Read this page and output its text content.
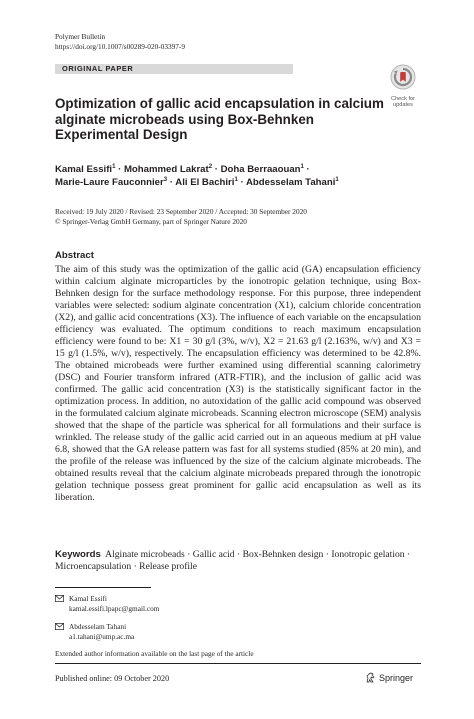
Polymer Bulletin
https://doi.org/10.1007/s00289-020-03397-9
ORIGINAL PAPER
Check for
updates
Optimization of gallic acid encapsulation in calcium alginate microbeads using Box-Behnken Experimental Design
Kamal Essifi$^1$ · Mohammed Lakrat$^2$ · Doha Berraaouan$^1$ ·
Marie-Laure Fauconnier$^3$ · Ali El Bachiri$^1$ · Abdesselam Tahani$^1$
Received: 19 July 2020 / Revised: 23 September 2020 / Accepted: 30 September 2020
© Springer-Verlag GmbH Germany, part of Springer Nature 2020
Abstract

The aim of this study was the optimization of the gallic acid (GA) encapsulation efficiency within calcium alginate microparticles by the ionotropic gelation technique, using Box-Behnken design for the surface methodology response. For this purpose, three independent variables were selected: sodium alginate concentration (X1), calcium chloride concentration (X2), and gallic acid concentrations (X3). The influence of each variable on the encapsulation efficiency was evaluated. The optimum conditions to reach maximum encapsulation efficiency were found to be: X1 = 30 g/l (3%, w/v), X2 = 21.63 g/l (2.163%, w/v) and X3 = 15 g/l (1.5%, w/v), respectively. The encapsulation efficiency was determined to be 42.8%. The obtained microbeads were further examined using differential scanning calorimetry (DSC) and Fourier transform infrared (ATR-FTIR), and the inclusion of gallic acid was confirmed. The gallic acid concentration (X3) is the statistically significant factor in the optimization process. In addition, no autoxidation of the gallic acid compound was observed in the formulated calcium alginate microbeads. Scanning electron microscope (SEM) analysis showed that the shape of the particle was spherical for all formulations and their surface is wrinkled. The release study of the gallic acid carried out in an aqueous medium at pH value 6.8, showed that the GA release pattern was fast for all systems studied (85% at 20 min), and the profile of the release was influenced by the size of the calcium alginate microbeads. The obtained results reveal that the calcium alginate microbeads prepared through the ionotropic gelation technique possess great prominent for gallic acid encapsulation as well as its liberation.

Keywords Alginate microbeads · Gallic acid · Box-Behnken design · Ionotropic gelation · Microencapsulation · Release profile
Kamal Essifi
kamal.essifi.lpapc@gmail.com
Abdesselam Tahani
a1.tahani@ump.ac.ma
Extended author information available on the last page of the article
Published online: 09 October 2020	Springer
